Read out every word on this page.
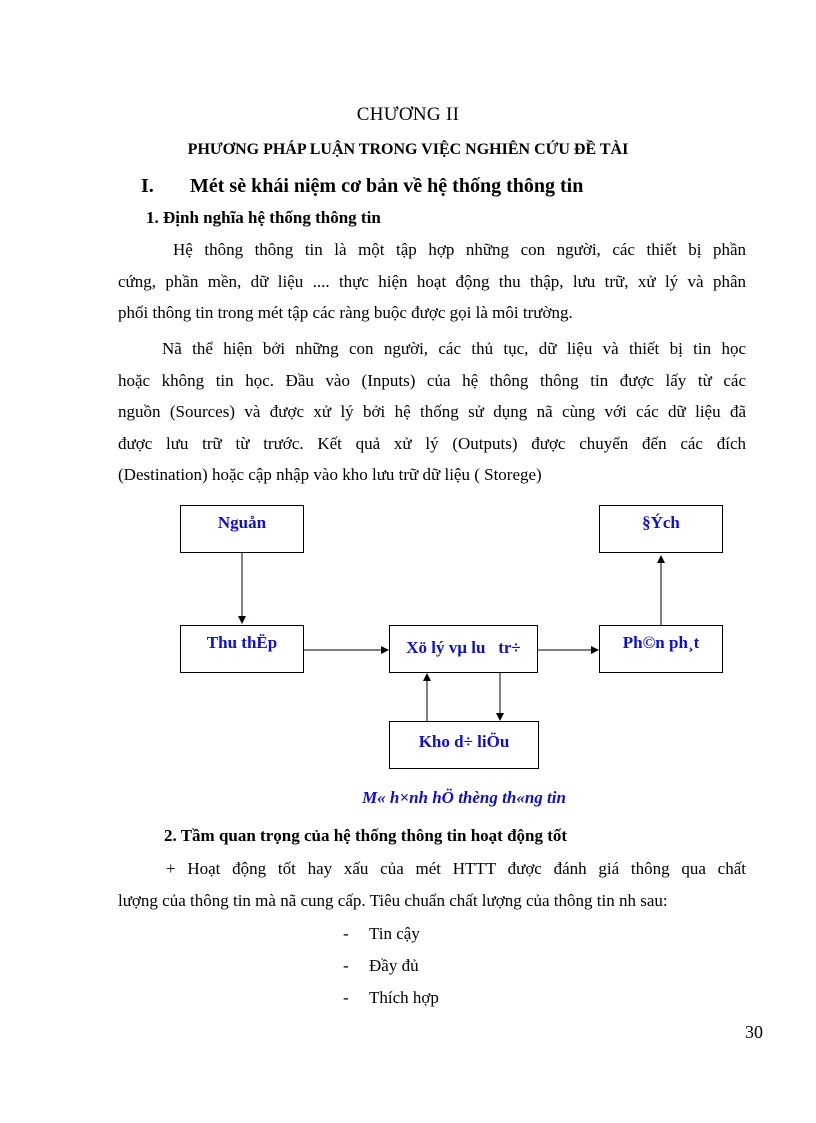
CHƯƠNG II
PHƯƠNG PHÁP LUẬN TRONG VIỆC NGHIÊN CỨU ĐỀ TÀI
I. Mét sè khái niệm cơ bản về hệ thống thông tin
1. Định nghĩa hệ thống thông tin
Hệ thông thông tin là một tập hợp những con người, các thiết bị phần
cứng, phần mền, dữ liệu .... thực hiện hoạt động thu thập, lưu trữ, xử lý và phân
phối thông tin trong mét tập các ràng buộc được gọi là môi trường.
Nã thể hiện bởi những con người, các thủ tục, dữ liệu và thiết bị tin học
hoặc không tin học. Đầu vào (Inputs) của hệ thông thông tin được lấy từ các
nguồn (Sources) và được xử lý bởi hệ thống sử dụng nã cùng với các dữ liệu đã
được lưu trữ từ trước. Kết quả xử lý (Outputs) được chuyển đến các đích
(Destination) hoặc cập nhập vào kho lưu trữ dữ liệu ( Storege)
Nguån	§Ých
Thu thËp	Xö lý vµ lu   tr÷	Ph©n ph¸t
Kho d÷ liÖu
M« h×nh hÖ thèng th«ng tin
2. Tầm quan trọng của hệ thống thông tin hoạt động tốt
+ Hoạt động tốt hay xấu của mét HTTT được đánh giá thông qua chất
lượng của thông tin mà nã cung cấp. Tiêu chuẩn chất lượng của thông tin nh sau:
- Tin cậy
- Đầy đủ
- Thích hợp
30
